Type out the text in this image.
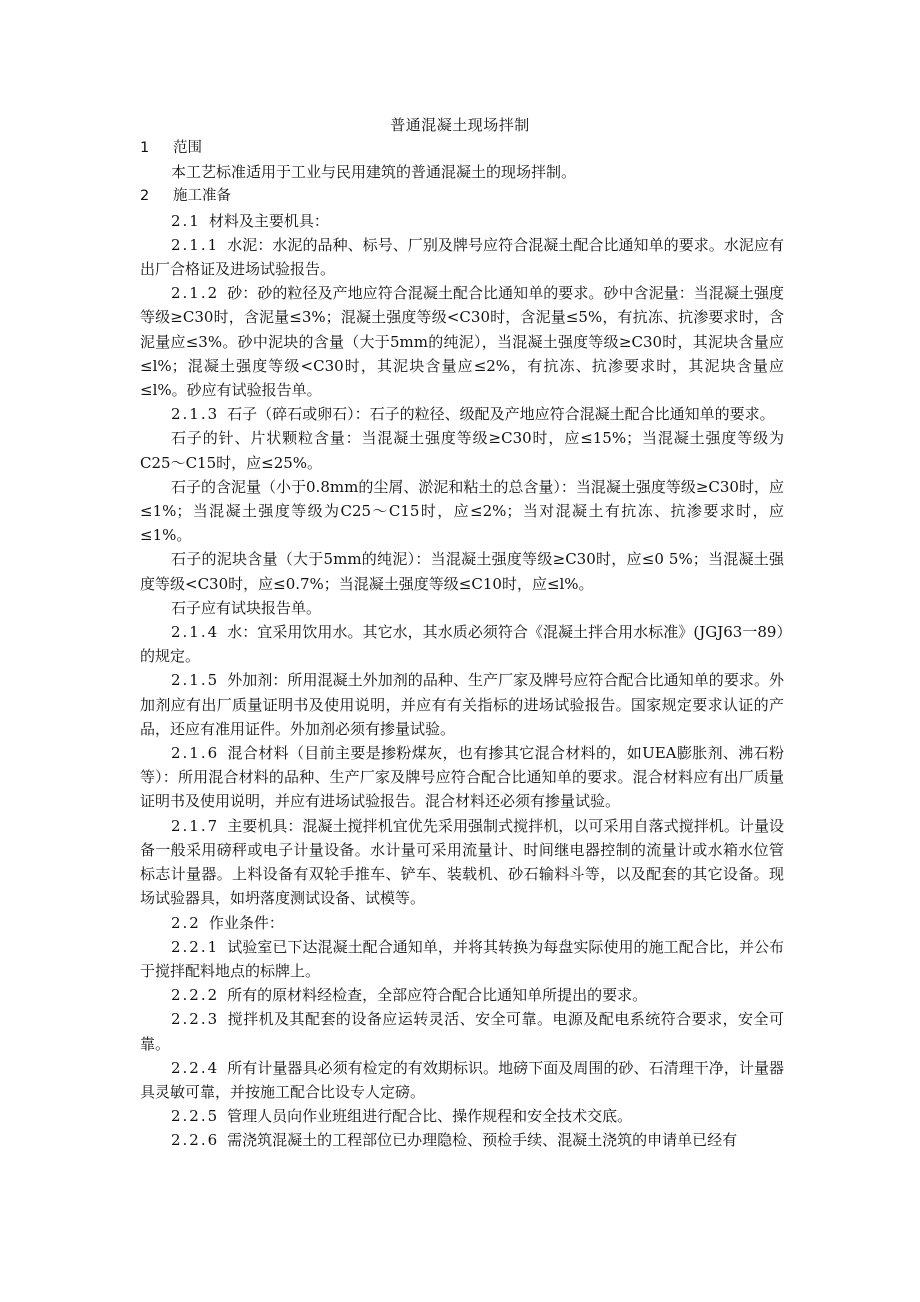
普通混凝土现场拌制

1 范围

本工艺标准适用于工业与民用建筑的普通混凝土的现场拌制。

2 施工准备

2.1 材料及主要机具：

2.1.1 水泥：水泥的品种、标号、厂别及牌号应符合混凝土配合比通知单的要求。水泥应有出厂合格证及进场试验报告。

2.1.2 砂：砂的粒径及产地应符合混凝土配合比通知单的要求。砂中含泥量：当混凝土强度等级≥C30时，含泥量≤3%；混凝土强度等级<C30时，含泥量≤5%，有抗冻、抗渗要求时，含泥量应≤3%。砂中泥块的含量（大于5mm的纯泥），当混凝土强度等级≥C30时，其泥块含量应≤l%；混凝土强度等级<C30时，其泥块含量应≤2%，有抗冻、抗渗要求时，其泥块含量应≤l%。砂应有试验报告单。

2.1.3 石子（碎石或卵石）：石子的粒径、级配及产地应符合混凝土配合比通知单的要求。

石子的针、片状颗粒含量：当混凝土强度等级≥C30时，应≤15%；当混凝土强度等级为C25～C15时，应≤25%。

石子的含泥量（小于0.8mm的尘屑、淤泥和粘土的总含量）：当混凝土强度等级≥C30时，应≤1%；当混凝土强度等级为C25～C15时，应≤2%；当对混凝土有抗冻、抗渗要求时，应≤1%。

石子的泥块含量（大于5mm的纯泥）：当混凝土强度等级≥C30时，应≤0 5%；当混凝土强度等级<C30时，应≤0.7%；当混凝土强度等级≤C10时，应≤l%。

石子应有试块报告单。

2.1.4 水：宜采用饮用水。其它水，其水质必须符合《混凝土拌合用水标准》(JGJ63一89）的规定。

2.1.5 外加剂：所用混凝土外加剂的品种、生产厂家及牌号应符合配合比通知单的要求。外加剂应有出厂质量证明书及使用说明，并应有有关指标的进场试验报告。国家规定要求认证的产品，还应有准用证件。外加剂必须有掺量试验。

2.1.6 混合材料（目前主要是掺粉煤灰，也有掺其它混合材料的，如UEA膨胀剂、沸石粉等）：所用混合材料的品种、生产厂家及牌号应符合配合比通知单的要求。混合材料应有出厂质量证明书及使用说明，并应有进场试验报告。混合材料还必须有掺量试验。

2.1.7 主要机具：混凝土搅拌机宜优先采用强制式搅拌机，以可采用自落式搅拌机。计量设备一般采用磅秤或电子计量设备。水计量可采用流量计、时间继电器控制的流量计或水箱水位管标志计量器。上料设备有双轮手推车、铲车、装载机、砂石输料斗等，以及配套的其它设备。现场试验器具，如坍落度测试设备、试模等。

2.2 作业条件：

2.2.1 试验室已下达混凝土配合通知单，并将其转换为每盘实际使用的施工配合比，并公布于搅拌配料地点的标牌上。

2.2.2 所有的原材料经检查，全部应符合配合比通知单所提出的要求。

2.2.3 搅拌机及其配套的设备应运转灵活、安全可靠。电源及配电系统符合要求，安全可靠。

2.2.4 所有计量器具必须有检定的有效期标识。地磅下面及周围的砂、石清理干净，计量器具灵敏可靠，并按施工配合比设专人定磅。

2.2.5 管理人员向作业班组进行配合比、操作规程和安全技术交底。

2.2.6 需浇筑混凝土的工程部位已办理隐检、预检手续、混凝土浇筑的申请单已经有
